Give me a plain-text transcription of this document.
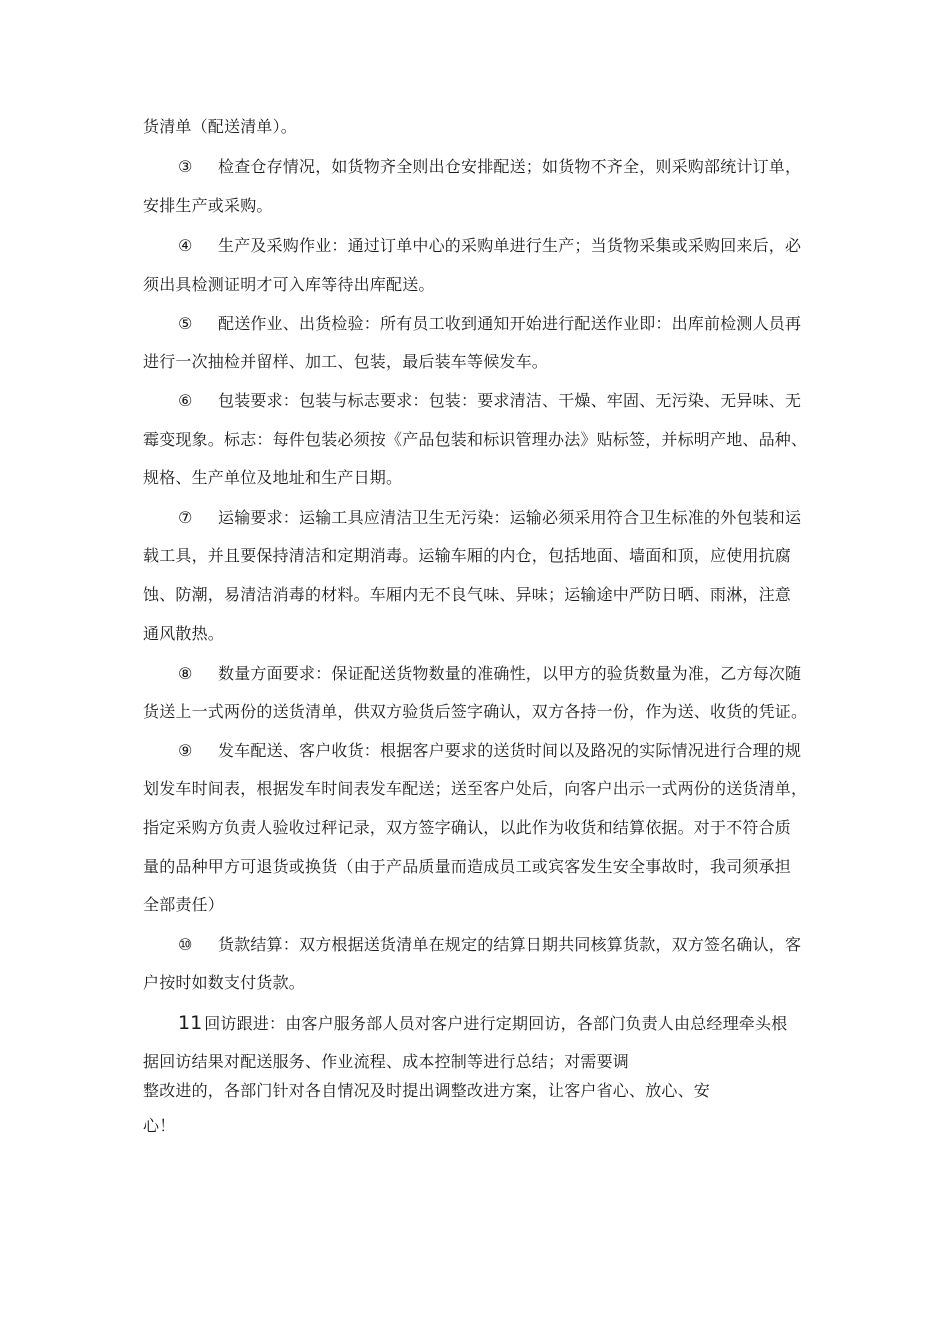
货清单（配送清单）。
③ 检查仓存情况，如货物齐全则出仓安排配送；如货物不齐全，则采购部统计订单，
安排生产或采购。
④ 生产及采购作业：通过订单中心的采购单进行生产；当货物采集或采购回来后，必
须出具检测证明才可入库等待出库配送。
⑤ 配送作业、出货检验：所有员工收到通知开始进行配送作业即：出库前检测人员再
进行一次抽检并留样、加工、包装，最后装车等候发车。
⑥ 包装要求：包装与标志要求：包装：要求清洁、干燥、牢固、无污染、无异味、无
霉变现象。标志：每件包装必须按《产品包装和标识管理办法》贴标签，并标明产地、品种、
规格、生产单位及地址和生产日期。
⑦ 运输要求：运输工具应清洁卫生无污染：运输必须采用符合卫生标准的外包装和运
载工具，并且要保持清洁和定期消毒。运输车厢的内仓，包括地面、墙面和顶，应使用抗腐
蚀、防潮，易清洁消毒的材料。车厢内无不良气味、异味；运输途中严防日晒、雨淋，注意
通风散热。
⑧ 数量方面要求：保证配送货物数量的准确性，以甲方的验货数量为准，乙方每次随
货送上一式两份的送货清单，供双方验货后签字确认，双方各持一份，作为送、收货的凭证。
⑨ 发车配送、客户收货：根据客户要求的送货时间以及路况的实际情况进行合理的规
划发车时间表，根据发车时间表发车配送；送至客户处后，向客户出示一式两份的送货清单，
指定采购方负责人验收过秤记录，双方签字确认，以此作为收货和结算依据。对于不符合质
量的品种甲方可退货或换货（由于产品质量而造成员工或宾客发生安全事故时，我司须承担
全部责任）
⑩ 货款结算：双方根据送货清单在规定的结算日期共同核算货款，双方签名确认，客
户按时如数支付货款。
11 回访跟进：由客户服务部人员对客户进行定期回访，各部门负责人由总经理牵头根
据回访结果对配送服务、作业流程、成本控制等进行总结；对需要调
整改进的，各部门针对各自情况及时提出调整改进方案，让客户省心、放心、安
心！
